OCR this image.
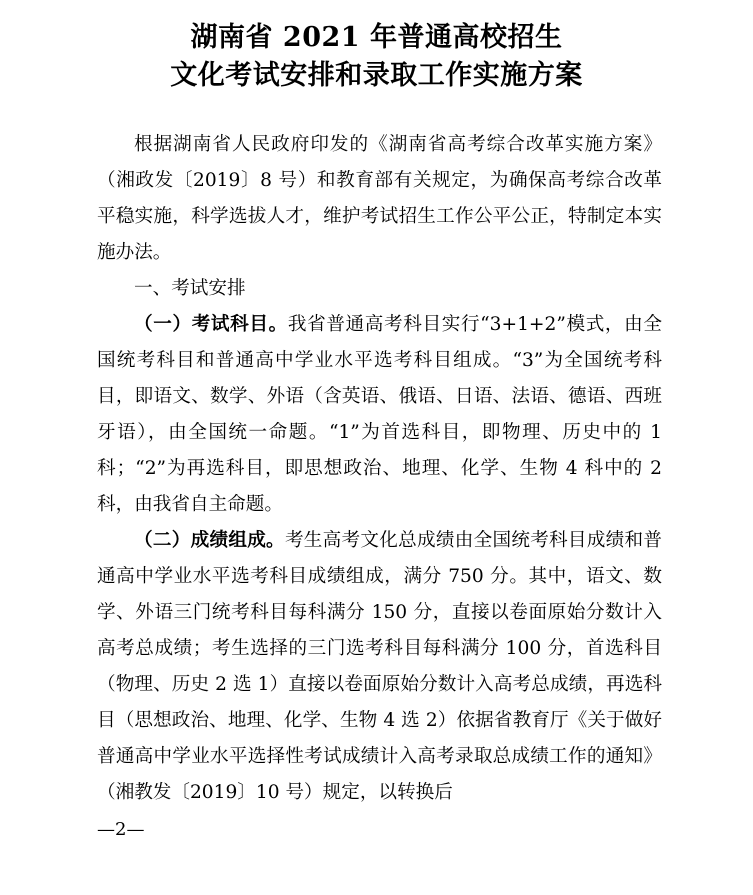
湖南省 2021 年普通高校招生
文化考试安排和录取工作实施方案

根据湖南省人民政府印发的《湖南省高考综合改革实施方案》（湘政发〔2019〕8 号）和教育部有关规定，为确保高考综合改革平稳实施，科学选拔人才，维护考试招生工作公平公正，特制定本实施办法。

一、考试安排

（一）考试科目。我省普通高考科目实行“3+1+2”模式，由全国统考科目和普通高中学业水平选考科目组成。“3”为全国统考科目，即语文、数学、外语（含英语、俄语、日语、法语、德语、西班牙语），由全国统一命题。“1”为首选科目，即物理、历史中的 1 科；“2”为再选科目，即思想政治、地理、化学、生物 4 科中的 2 科，由我省自主命题。

（二）成绩组成。考生高考文化总成绩由全国统考科目成绩和普通高中学业水平选考科目成绩组成，满分 750 分。其中，语文、数学、外语三门统考科目每科满分 150 分，直接以卷面原始分数计入高考总成绩；考生选择的三门选考科目每科满分 100 分，首选科目（物理、历史 2 选 1）直接以卷面原始分数计入高考总成绩，再选科目（思想政治、地理、化学、生物 4 选 2）依据省教育厅《关于做好普通高中学业水平选择性考试成绩计入高考录取总成绩工作的通知》（湘教发〔2019〕10 号）规定，以转换后

—2—
